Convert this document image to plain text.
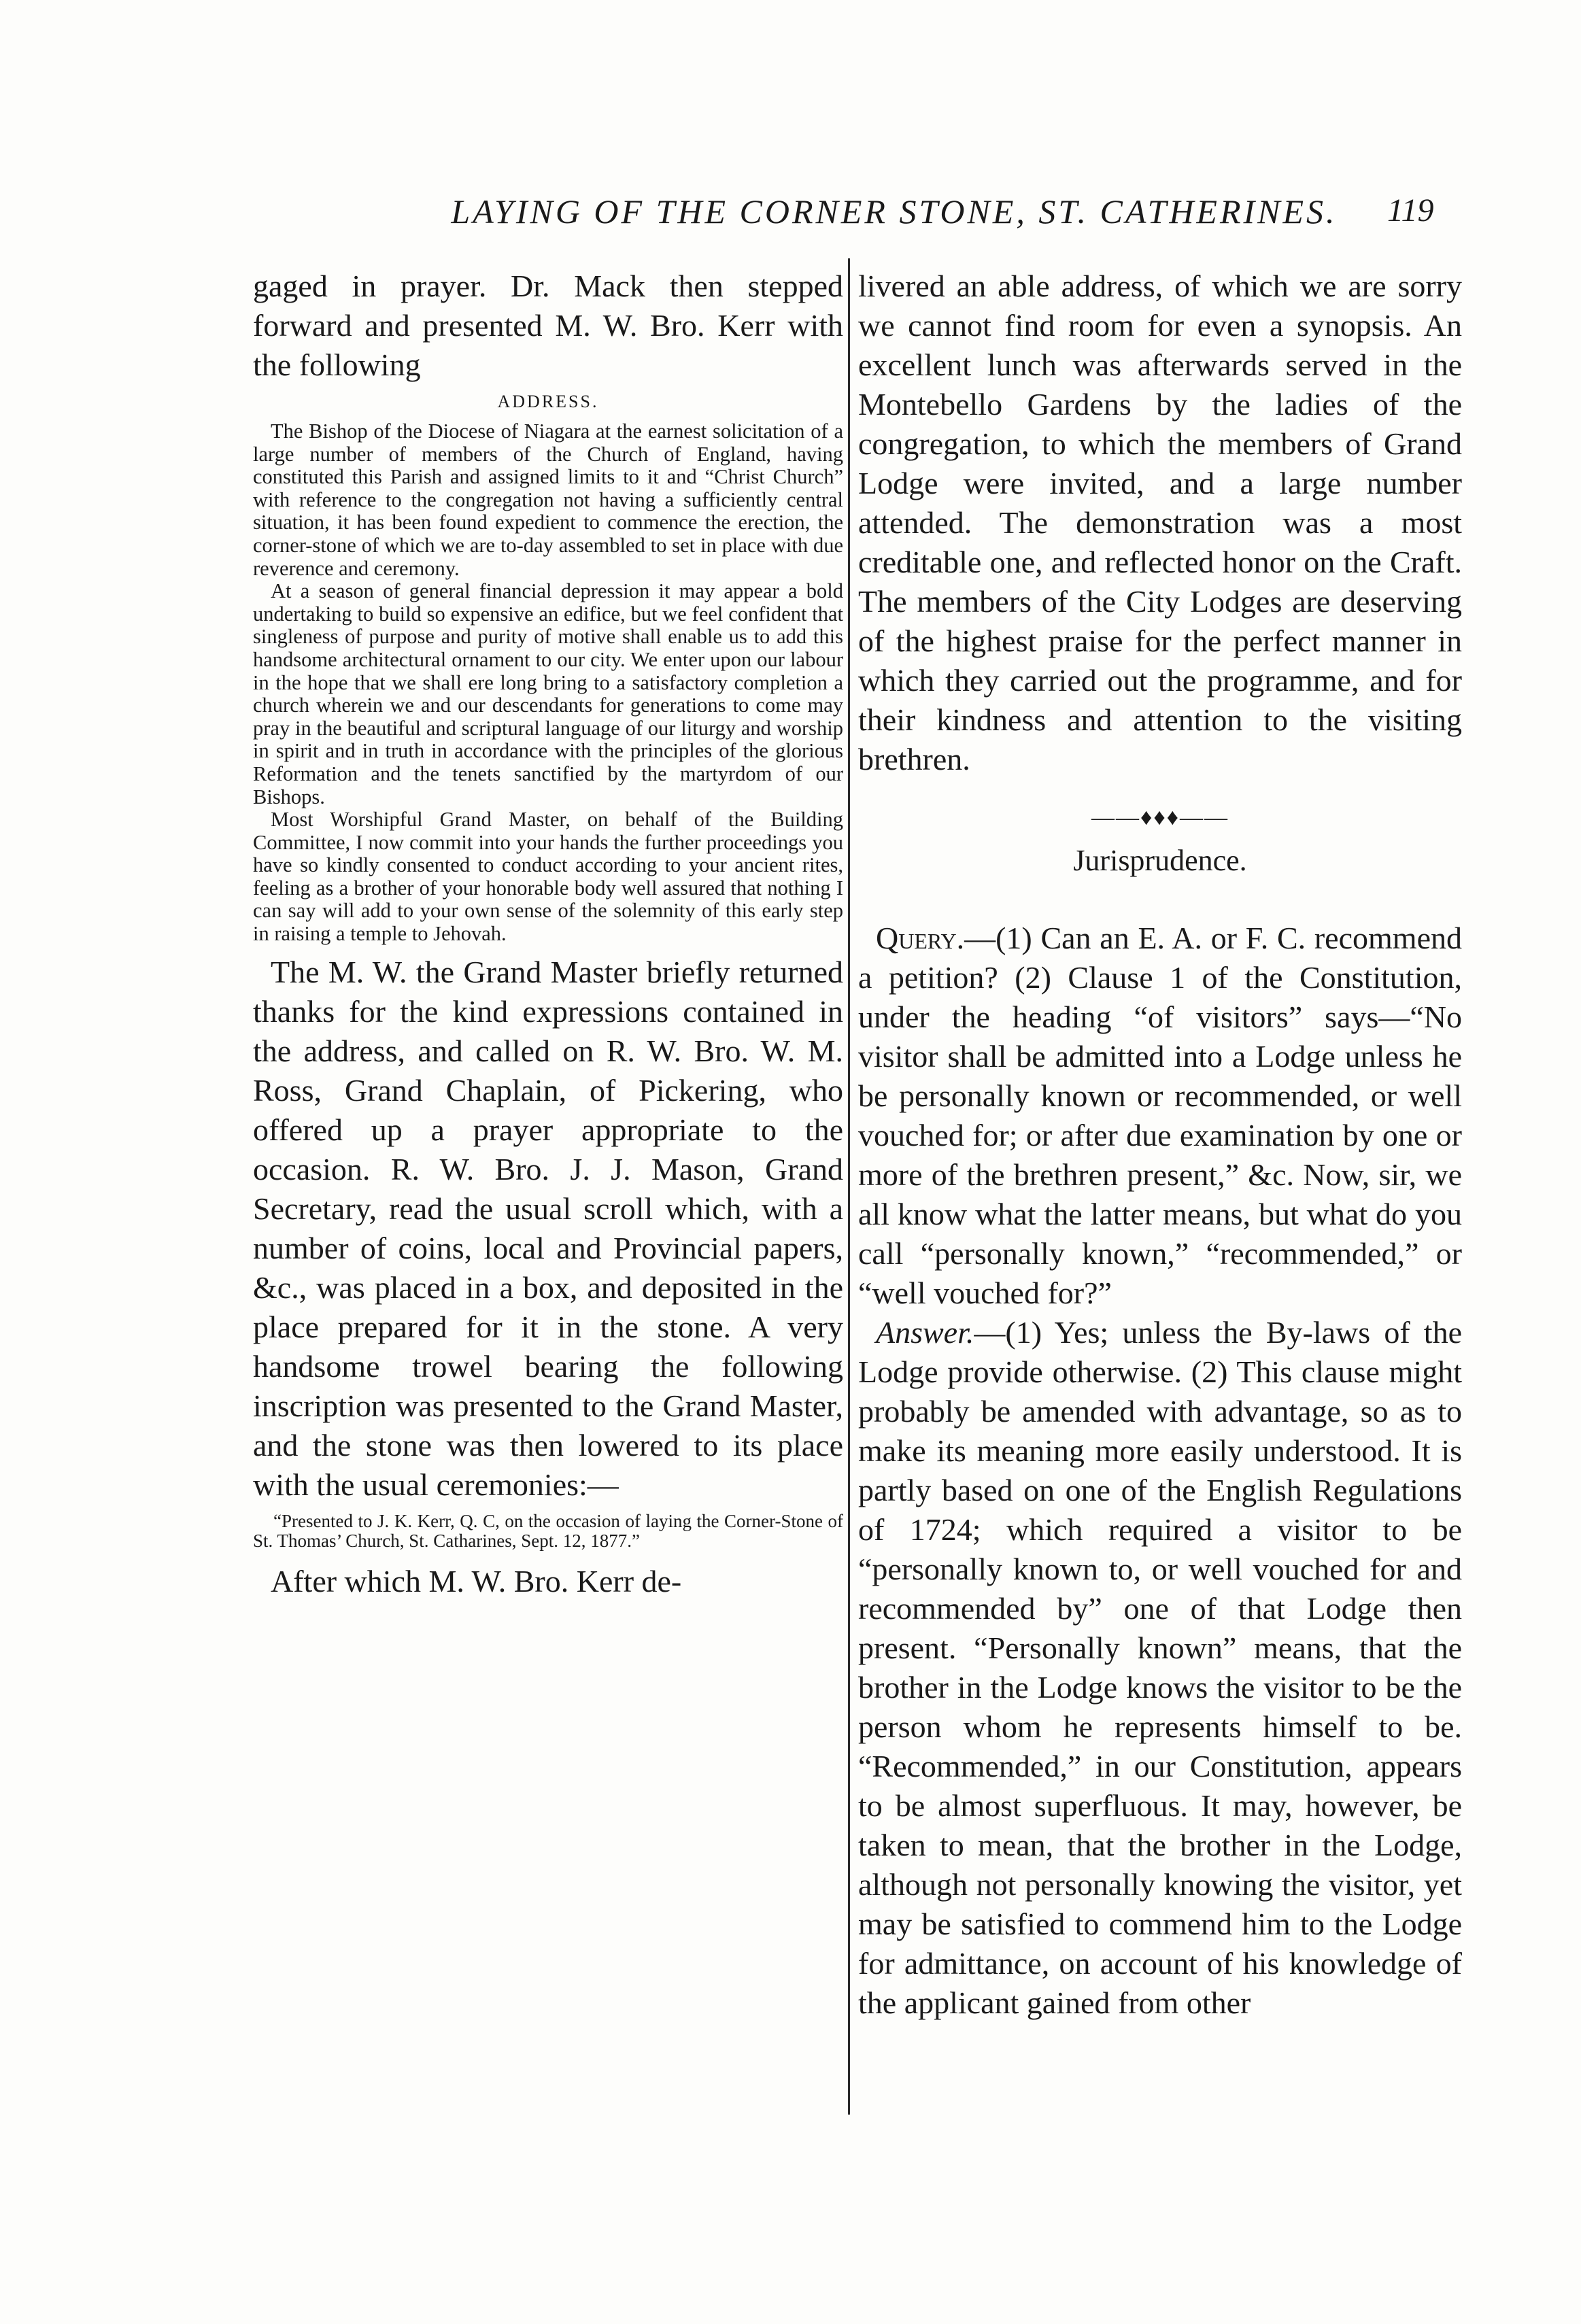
LAYING OF THE CORNER STONE, ST. CATHERINES.	119

gaged in prayer. Dr. Mack then stepped forward and presented M. W. Bro. Kerr with the following

ADDRESS.

The Bishop of the Diocese of Niagara at the earnest solicitation of a large number of members of the Church of England, having constituted this Parish and assigned limits to it and “Christ Church” with reference to the congregation not having a sufficiently central situation, it has been found expedient to commence the erection, the corner-stone of which we are to-day assembled to set in place with due reverence and ceremony.

At a season of general financial depression it may appear a bold undertaking to build so expensive an edifice, but we feel confident that singleness of purpose and purity of motive shall enable us to add this handsome architectural ornament to our city. We enter upon our labour in the hope that we shall ere long bring to a satisfactory completion a church wherein we and our descendants for generations to come may pray in the beautiful and scriptural language of our liturgy and worship in spirit and in truth in accordance with the principles of the glorious Reformation and the tenets sanctified by the martyrdom of our Bishops.

Most Worshipful Grand Master, on behalf of the Building Committee, I now commit into your hands the further proceedings you have so kindly consented to conduct according to your ancient rites, feeling as a brother of your honorable body well assured that nothing I can say will add to your own sense of the solemnity of this early step in raising a temple to Jehovah.

The M. W. the Grand Master briefly returned thanks for the kind expressions contained in the address, and called on R. W. Bro. W. M. Ross, Grand Chaplain, of Pickering, who offered up a prayer appropriate to the occasion. R. W. Bro. J. J. Mason, Grand Secretary, read the usual scroll which, with a number of coins, local and Provincial papers, &c., was placed in a box, and deposited in the place prepared for it in the stone. A very handsome trowel bearing the following inscription was presented to the Grand Master, and the stone was then lowered to its place with the usual ceremonies:—

“Presented to J. K. Kerr, Q. C, on the occasion of laying the Corner-Stone of St. Thomas’ Church, St. Catharines, Sept. 12, 1877.”

After which M. W. Bro. Kerr de-

livered an able address, of which we are sorry we cannot find room for even a synopsis. An excellent lunch was afterwards served in the Montebello Gardens by the ladies of the congregation, to which the members of Grand Lodge were invited, and a large number attended. The demonstration was a most creditable one, and reflected honor on the Craft. The members of the City Lodges are deserving of the highest praise for the perfect manner in which they carried out the programme, and for their kindness and attention to the visiting brethren.

——♦♦♦——
Jurisprudence.

Query.—(1) Can an E. A. or F. C. recommend a petition? (2) Clause 1 of the Constitution, under the heading “of visitors” says—“No visitor shall be admitted into a Lodge unless he be personally known or recommended, or well vouched for; or after due examination by one or more of the brethren present,” &c. Now, sir, we all know what the latter means, but what do you call “personally known,” “recommended,” or “well vouched for?”

Answer.—(1) Yes; unless the By-laws of the Lodge provide otherwise. (2) This clause might probably be amended with advantage, so as to make its meaning more easily understood. It is partly based on one of the English Regulations of 1724; which required a visitor to be “personally known to, or well vouched for and recommended by” one of that Lodge then present. “Personally known” means, that the brother in the Lodge knows the visitor to be the person whom he represents himself to be. “Recommended,” in our Constitution, appears to be almost superfluous. It may, however, be taken to mean, that the brother in the Lodge, although not personally knowing the visitor, yet may be satisfied to commend him to the Lodge for admittance, on account of his knowledge of the applicant gained from other
